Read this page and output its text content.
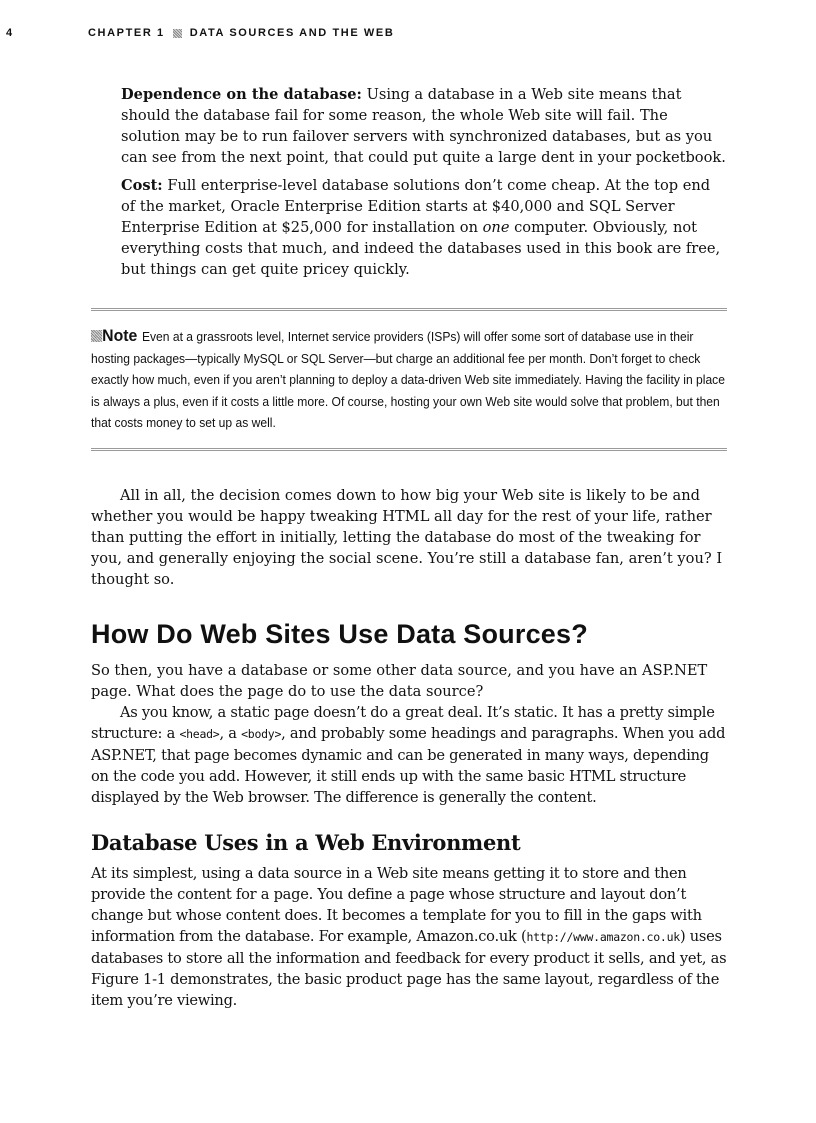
4	CHAPTER 1 DATA SOURCES AND THE WEB

Dependence on the database: Using a database in a Web site means that should the database fail for some reason, the whole Web site will fail. The solution may be to run failover servers with synchronized databases, but as you can see from the next point, that could put quite a large dent in your pocketbook.

Cost: Full enterprise-level database solutions don’t come cheap. At the top end of the market, Oracle Enterprise Edition starts at $40,000 and SQL Server Enterprise Edition at $25,000 for installation on one computer. Obviously, not everything costs that much, and indeed the databases used in this book are free, but things can get quite pricey quickly.

Note Even at a grassroots level, Internet service providers (ISPs) will offer some sort of database use in their hosting packages—typically MySQL or SQL Server—but charge an additional fee per month. Don’t forget to check exactly how much, even if you aren’t planning to deploy a data-driven Web site immediately. Having the facility in place is always a plus, even if it costs a little more. Of course, hosting your own Web site would solve that problem, but then that costs money to set up as well.

All in all, the decision comes down to how big your Web site is likely to be and whether you would be happy tweaking HTML all day for the rest of your life, rather than putting the effort in initially, letting the database do most of the tweaking for you, and generally enjoying the social scene. You’re still a database fan, aren’t you? I thought so.

How Do Web Sites Use Data Sources?

So then, you have a database or some other data source, and you have an ASP.NET page. What does the page do to use the data source?

As you know, a static page doesn’t do a great deal. It’s static. It has a pretty simple structure: a <head>, a <body>, and probably some headings and paragraphs. When you add ASP.NET, that page becomes dynamic and can be generated in many ways, depending on the code you add. However, it still ends up with the same basic HTML structure displayed by the Web browser. The difference is generally the content.

Database Uses in a Web Environment

At its simplest, using a data source in a Web site means getting it to store and then provide the content for a page. You define a page whose structure and layout don’t change but whose content does. It becomes a template for you to fill in the gaps with information from the database. For example, Amazon.co.uk (http://www.amazon.co.uk) uses databases to store all the information and feedback for every product it sells, and yet, as Figure 1-1 demonstrates, the basic product page has the same layout, regardless of the item you’re viewing.
